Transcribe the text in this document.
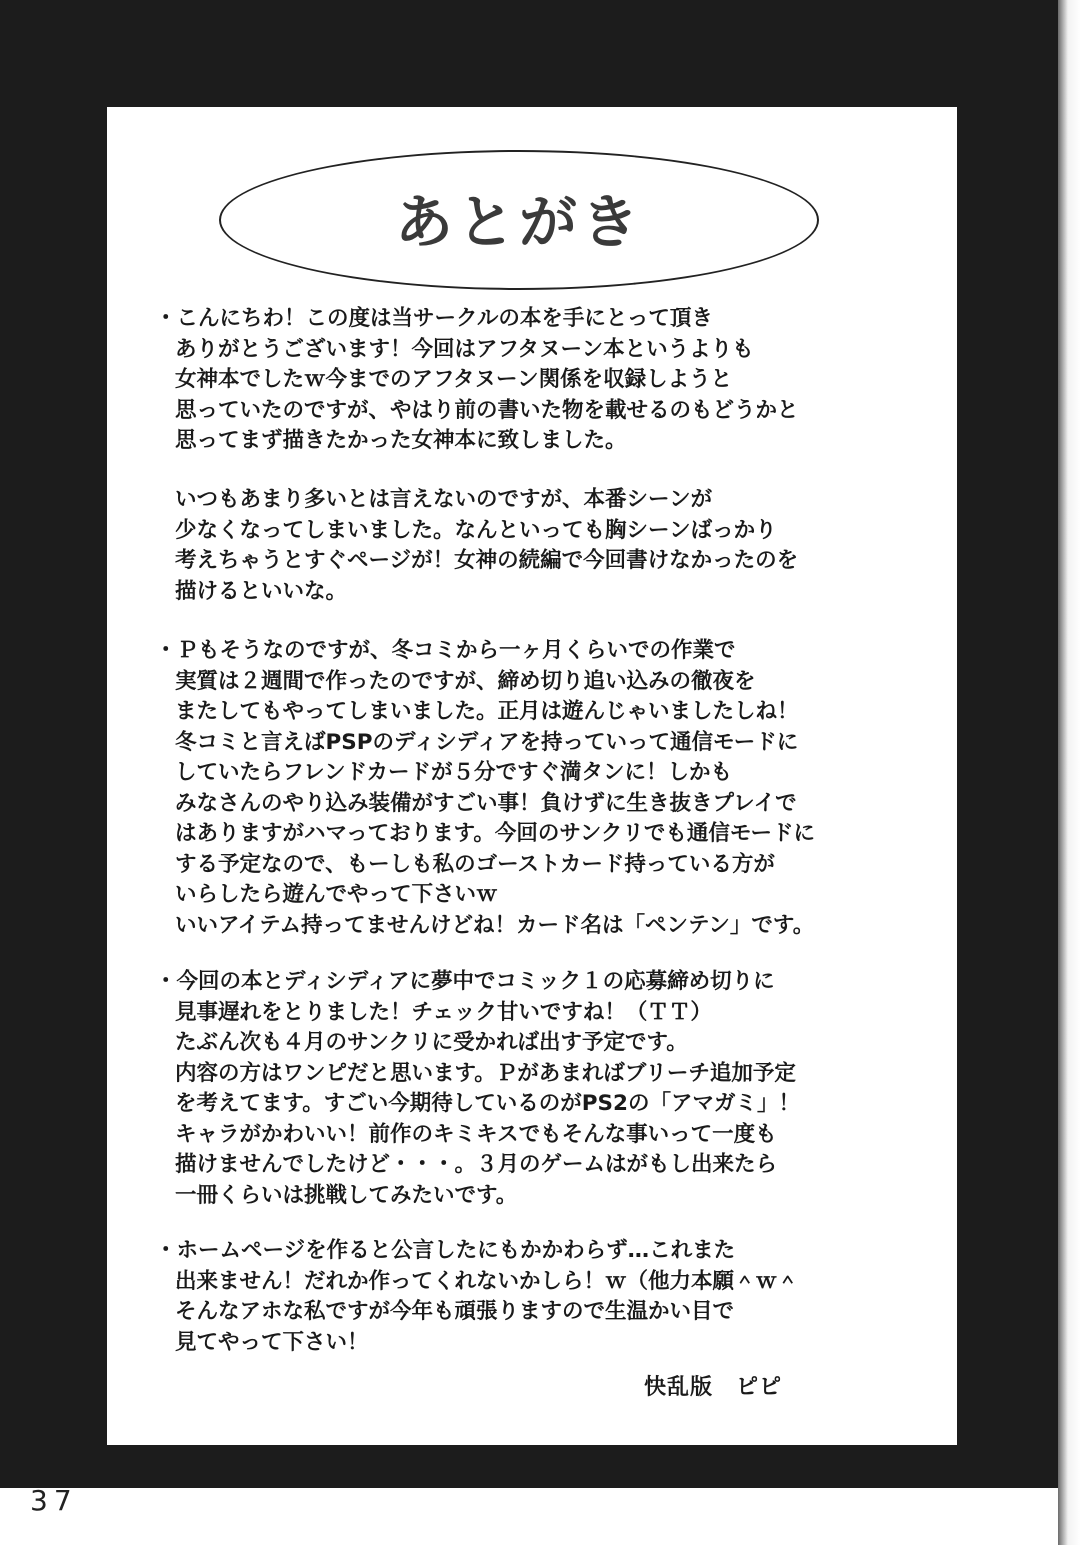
37
あとがき
・こんにちわ！この度は当サークルの本を手にとって頂き
ありがとうございます！今回はアフタヌーン本というよりも
女神本でしたｗ今までのアフタヌーン関係を収録しようと
思っていたのですが、やはり前の書いた物を載せるのもどうかと
思ってまず描きたかった女神本に致しました。
いつもあまり多いとは言えないのですが、本番シーンが
少なくなってしまいました。なんといっても胸シーンばっかり
考えちゃうとすぐページが！女神の続編で今回書けなかったのを
描けるといいな。
・Ｐもそうなのですが、冬コミから一ヶ月くらいでの作業で
実質は２週間で作ったのですが、締め切り追い込みの徹夜を
またしてもやってしまいました。正月は遊んじゃいましたしね！
冬コミと言えばPSPのディシディアを持っていって通信モードに
していたらフレンドカードが５分ですぐ満タンに！しかも
みなさんのやり込み装備がすごい事！負けずに生き抜きプレイで
はありますがハマっております。今回のサンクリでも通信モードに
する予定なので、もーしも私のゴーストカード持っている方が
いらしたら遊んでやって下さいｗ
いいアイテム持ってませんけどね！カード名は「ペンテン」です。
・今回の本とディシディアに夢中でコミック１の応募締め切りに
見事遅れをとりました！チェック甘いですね！（ＴＴ）
たぶん次も４月のサンクリに受かれば出す予定です。
内容の方はワンピだと思います。Ｐがあまればブリーチ追加予定
を考えてます。すごい今期待しているのがPS2の「アマガミ」！
キャラがかわいい！前作のキミキスでもそんな事いって一度も
描けませんでしたけど・・・。３月のゲームはがもし出来たら
一冊くらいは挑戦してみたいです。
・ホームページを作ると公言したにもかかわらず…これまた
出来ません！だれか作ってくれないかしら！ｗ（他力本願＾ｗ＾
そんなアホな私ですが今年も頑張りますので生温かい目で
見てやって下さい！
快乱版　ピピ
